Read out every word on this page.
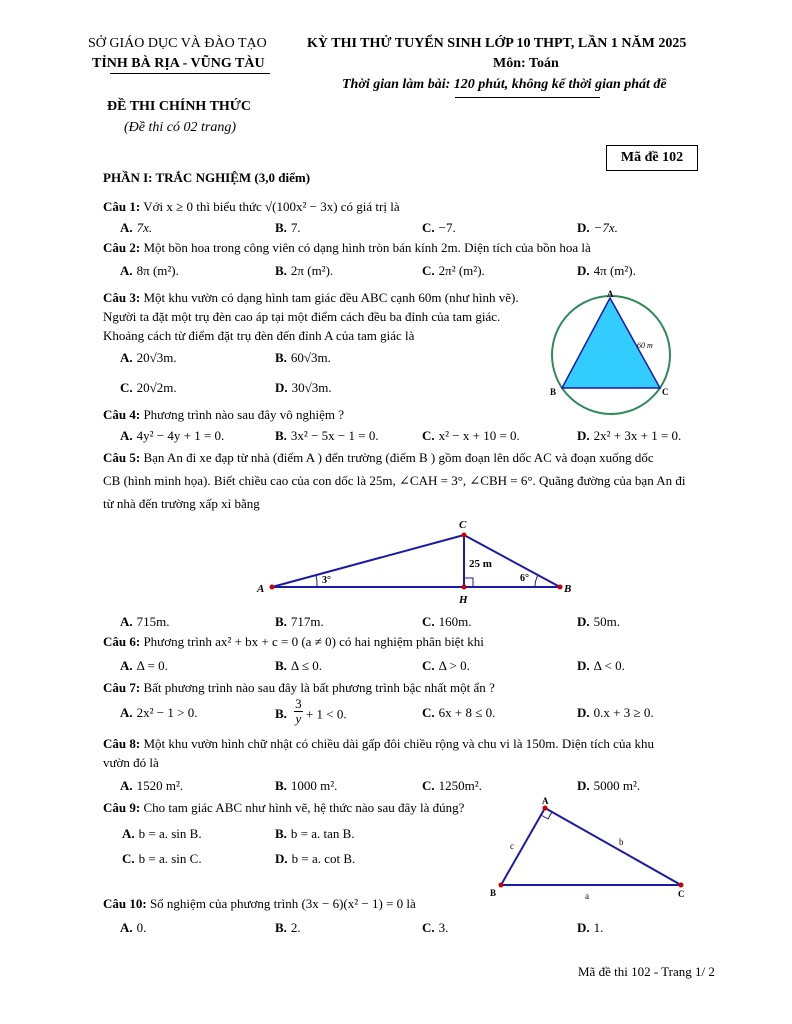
SỞ GIÁO DỤC VÀ ĐÀO TẠO
TỈNH BÀ RỊA - VŨNG TÀU
KỲ THI THỬ TUYỂN SINH LỚP 10 THPT, LẦN 1 NĂM 2025
Môn: Toán
Thời gian làm bài: 120 phút, không kể thời gian phát đề
ĐỀ THI CHÍNH THỨC
(Đề thi có 02 trang)
Mã đề 102
PHẦN I: TRẮC NGHIỆM (3,0 điểm)
Câu 1: Với x ≥ 0 thì biểu thức √(100x² − 3x) có giá trị là
A. 7x.	B. 7.	C. −7.	D. −7x.
Câu 2: Một bồn hoa trong công viên có dạng hình tròn bán kính 2m. Diện tích của bồn hoa là
A. 8π (m²).	B. 2π (m²).	C. 2π² (m²).	D. 4π (m²).
Câu 3: Một khu vườn có dạng hình tam giác đều ABC cạnh 60m (như hình vẽ).
Người ta đặt một trụ đèn cao áp tại một điểm cách đều ba đỉnh của tam giác.
Khoảng cách từ điểm đặt trụ đèn đến đỉnh A của tam giác là
A. 20√3m.	B. 60√3m.
C. 20√2m.	D. 30√3m.
A
B	C
60 m
Câu 4: Phương trình nào sau đây vô nghiệm ?
A. 4y² − 4y + 1 = 0.	B. 3x² − 5x − 1 = 0.	C. x² − x + 10 = 0.	D. 2x² + 3x + 1 = 0.
Câu 5: Bạn An đi xe đạp từ nhà (điểm A ) đến trường (điểm B ) gồm đoạn lên dốc AC và đoạn xuống dốc
CB (hình minh họa). Biết chiều cao của con dốc là 25m, ∠CAH = 3°, ∠CBH = 6°. Quãng đường của bạn An đi
từ nhà đến trường xấp xỉ bằng
A	B
C
H
25 m
3°	6°
A. 715m.	B. 717m.	C. 160m.	D. 50m.
Câu 6: Phương trình ax² + bx + c = 0 (a ≠ 0) có hai nghiệm phân biệt khi
A. Δ = 0.	B. Δ ≤ 0.	C. Δ > 0.	D. Δ < 0.
Câu 7: Bất phương trình nào sau đây là bất phương trình bậc nhất một ẩn ?
A. 2x² − 1 > 0.	B. $\frac{3}{y} + 1 < 0$.	C. 6x + 8 ≤ 0.	D. 0.x + 3 ≥ 0.
Câu 8: Một khu vườn hình chữ nhật có chiều dài gấp đôi chiều rộng và chu vi là 150m. Diện tích của khu
vườn đó là
A. 1520 m².	B. 1000 m².	C. 1250m².	D. 5000 m².
Câu 9: Cho tam giác ABC như hình vẽ, hệ thức nào sau đây là đúng?
A. b = a. sin B.	B. b = a. tan B.
C. b = a. sin C.	D. b = a. cot B.
A
B	C
a
b
c
Câu 10: Số nghiệm của phương trình (3x − 6)(x² − 1) = 0 là
A. 0.	B. 2.	C. 3.	D. 1.
Mã đề thi 102 - Trang 1/ 2
